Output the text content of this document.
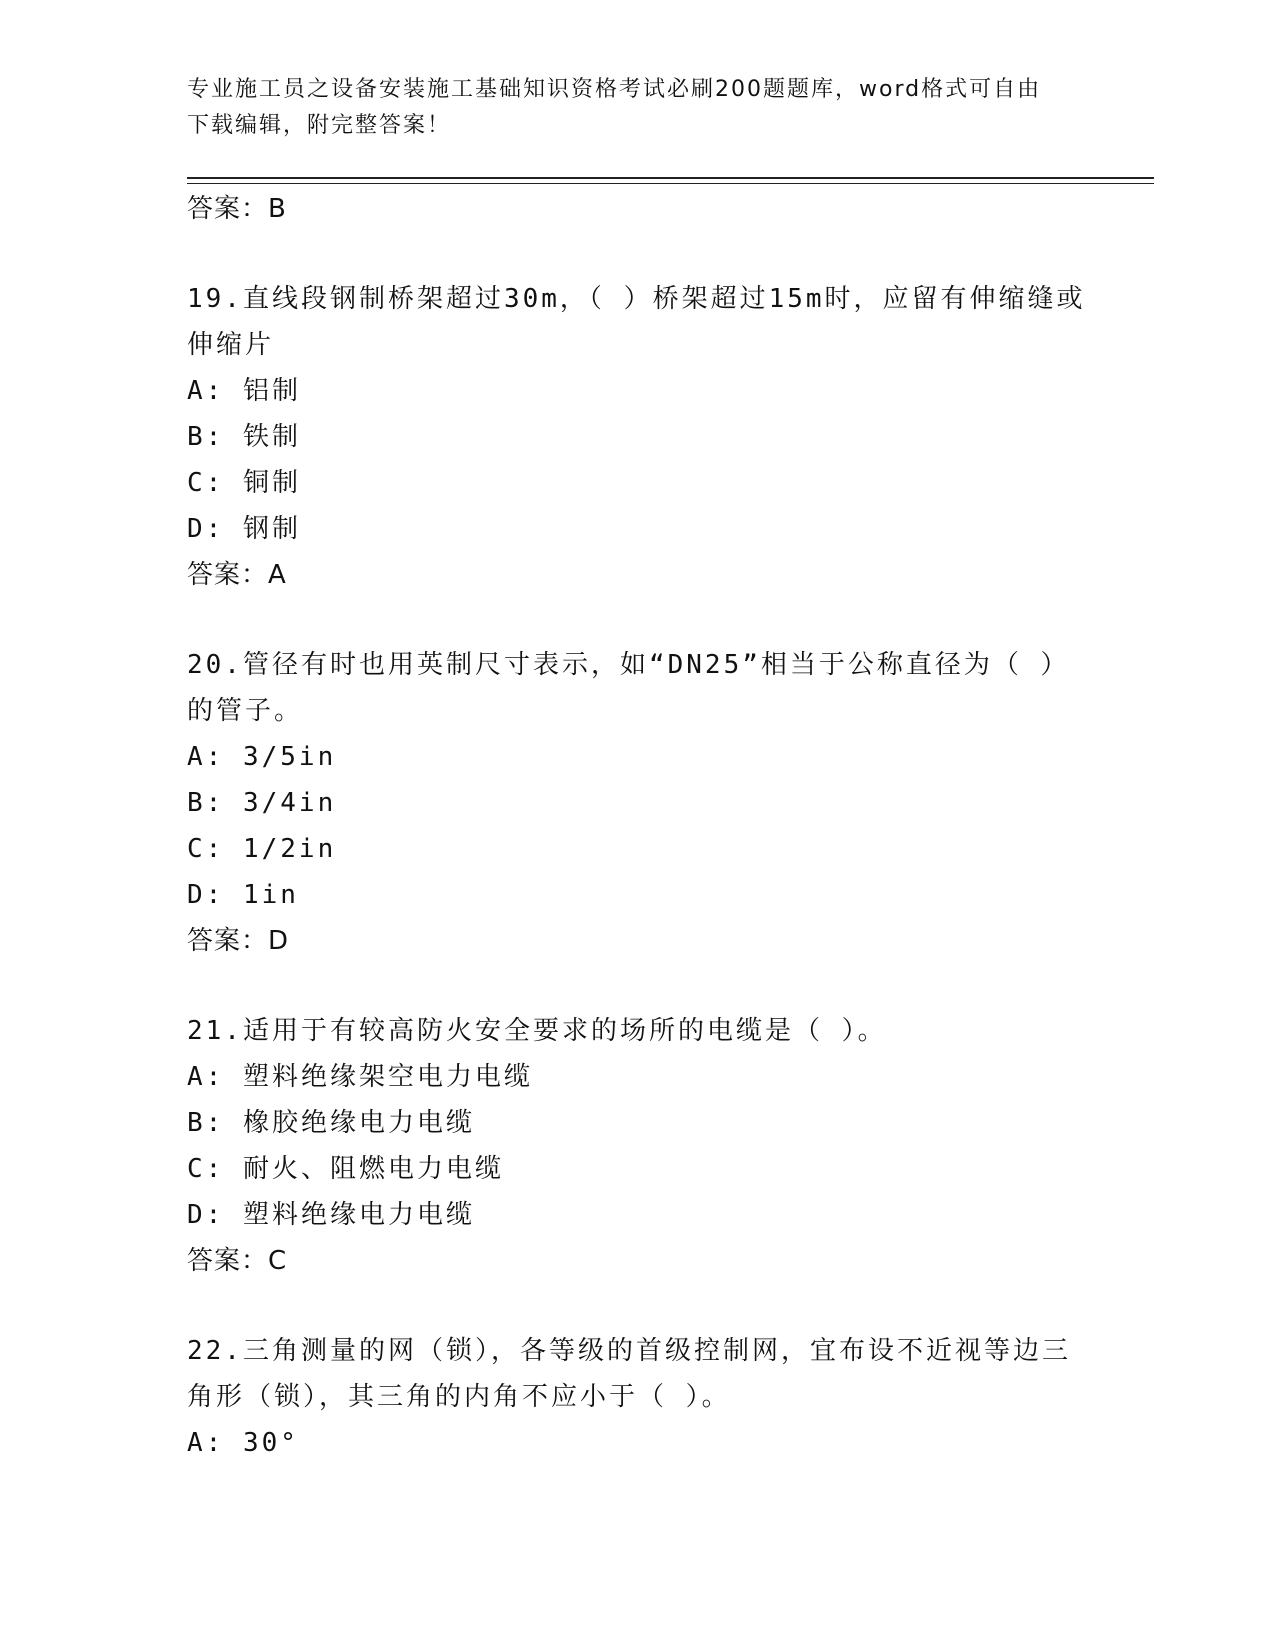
专业施工员之设备安装施工基础知识资格考试必刷200题题库，word格式可自由
下载编辑，附完整答案！
答案：B
19.直线段钢制桥架超过30m，（ ）桥架超过15m时，应留有伸缩缝或
伸缩片
A: 铝制
B: 铁制
C: 铜制
D: 钢制
答案：A
20.管径有时也用英制尺寸表示，如“DN25”相当于公称直径为（ ）
的管子。
A: 3/5in
B: 3/4in
C: 1/2in
D: 1in
答案：D
21.适用于有较高防火安全要求的场所的电缆是（ ）。
A: 塑料绝缘架空电力电缆
B: 橡胶绝缘电力电缆
C: 耐火、阻燃电力电缆
D: 塑料绝缘电力电缆
答案：C
22.三角测量的网（锁），各等级的首级控制网，宜布设不近视等边三
角形（锁），其三角的内角不应小于（ ）。
A: 30°
